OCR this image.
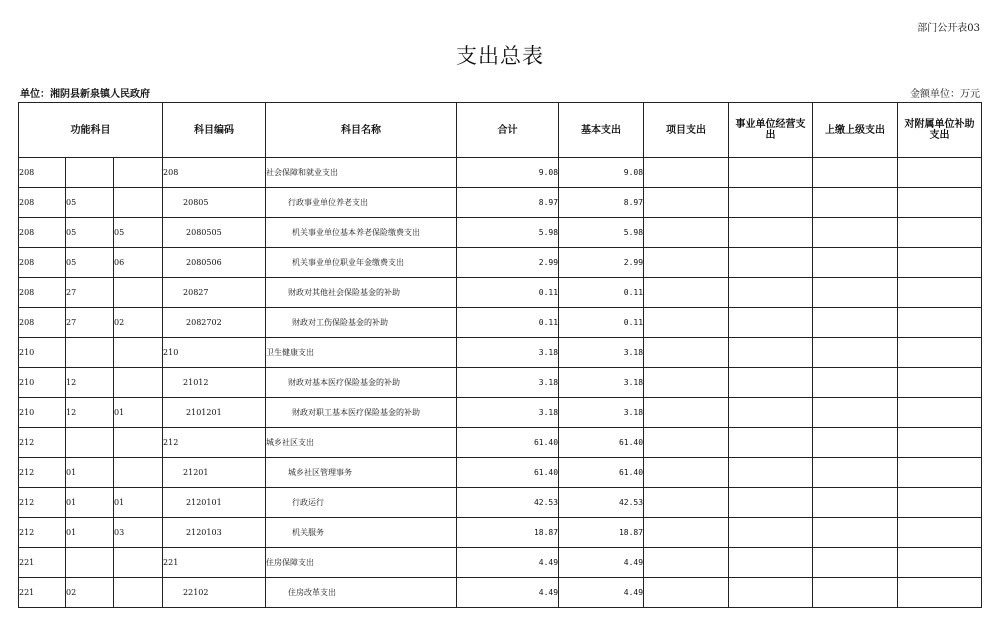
部门公开表03
支出总表
单位：湘阴县新泉镇人民政府	金额单位：万元
功能科目			科目编码	科目名称	合计	基本支出	项目支出	事业单位经营支出	上缴上级支出	对附属单位补助支出
208			208	社会保障和就业支出	9.08	9.08				
208	05		20805	行政事业单位养老支出	8.97	8.97				
208	05	05	2080505	机关事业单位基本养老保险缴费支出	5.98	5.98				
208	05	06	2080506	机关事业单位职业年金缴费支出	2.99	2.99				
208	27		20827	财政对其他社会保险基金的补助	0.11	0.11				
208	27	02	2082702	财政对工伤保险基金的补助	0.11	0.11				
210			210	卫生健康支出	3.18	3.18				
210	12		21012	财政对基本医疗保险基金的补助	3.18	3.18				
210	12	01	2101201	财政对职工基本医疗保险基金的补助	3.18	3.18				
212			212	城乡社区支出	61.40	61.40				
212	01		21201	城乡社区管理事务	61.40	61.40				
212	01	01	2120101	行政运行	42.53	42.53				
212	01	03	2120103	机关服务	18.87	18.87				
221			221	住房保障支出	4.49	4.49				
221	02		22102	住房改革支出	4.49	4.49				
